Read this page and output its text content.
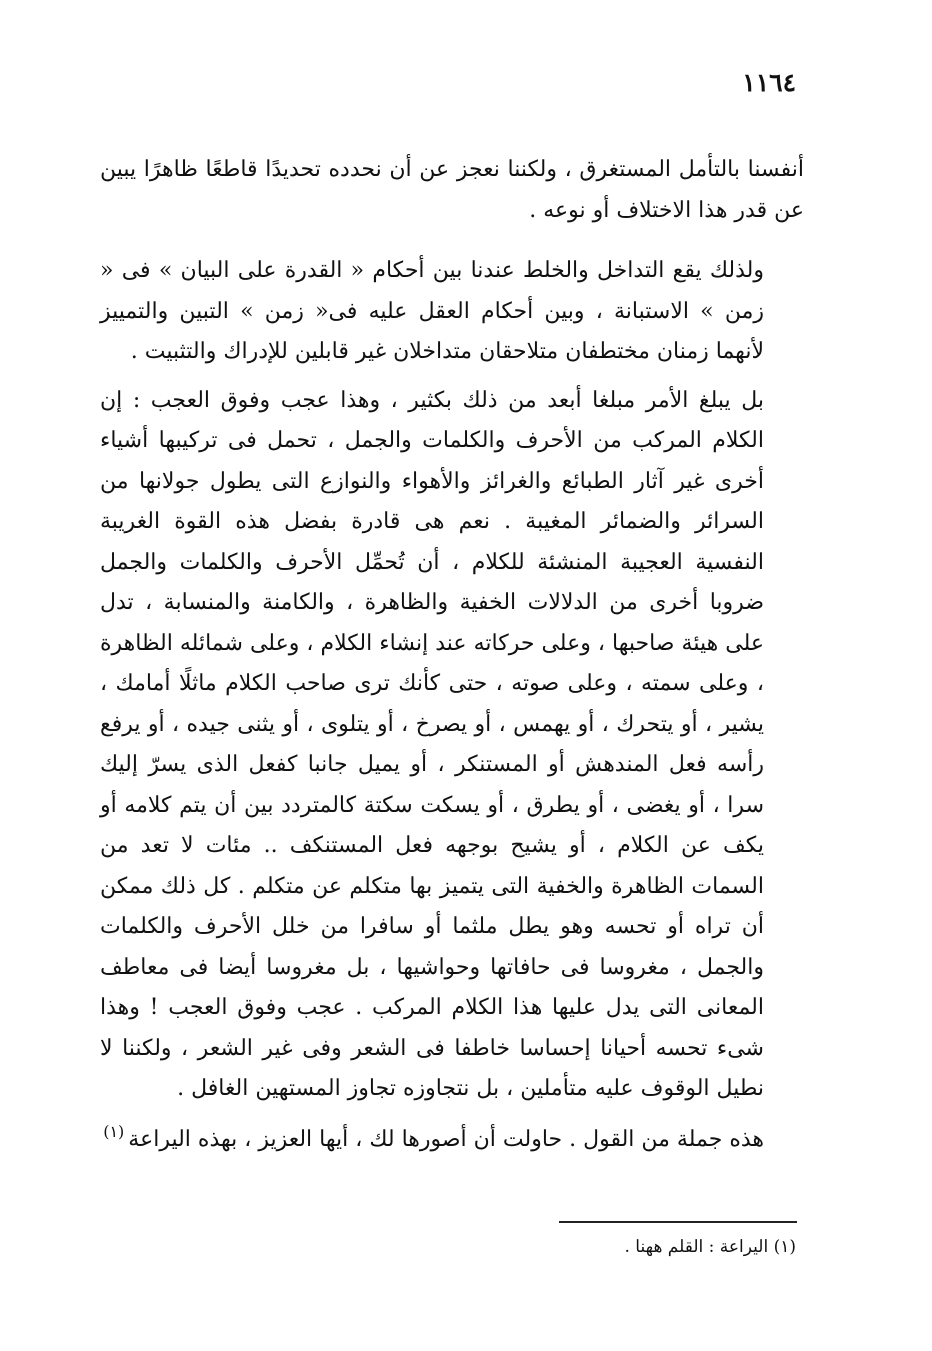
١١٦٤

أنفسنا بالتأمل المستغرق ، ولكننا نعجز عن أن نحدده تحديدًا قاطعًا ظاهرًا يبين عن قدر هذا الاختلاف أو نوعه .

ولذلك يقع التداخل والخلط عندنا بين أحكام « القدرة على البيان » فى « زمن » الاستبانة ، وبين أحكام العقل عليه فى« زمن » التبين والتمييز لأنهما زمنان مختطفان متلاحقان متداخلان غير قابلين للإدراك والتثبيت .

بل يبلغ الأمر مبلغا أبعد من ذلك بكثير ، وهذا عجب وفوق العجب : إن الكلام المركب من الأحرف والكلمات والجمل ، تحمل فى تركيبها أشياء أخرى غير آثار الطبائع والغرائز والأهواء والنوازع التى يطول جولانها من السرائر والضمائر المغيبة . نعم هى قادرة بفضل هذه القوة الغريبة النفسية العجيبة المنشئة للكلام ، أن تُحمِّل الأحرف والكلمات والجمل ضروبا أخرى من الدلالات الخفية والظاهرة ، والكامنة والمنسابة ، تدل على هيئة صاحبها ، وعلى حركاته عند إنشاء الكلام ، وعلى شمائله الظاهرة ، وعلى سمته ، وعلى صوته ، حتى كأنك ترى صاحب الكلام ماثلًا أمامك ، يشير ، أو يتحرك ، أو يهمس ، أو يصرخ ، أو يتلوى ، أو يثنى جيده ، أو يرفع رأسه فعل المندهش أو المستنكر ، أو يميل جانبا كفعل الذى يسرّ إليك سرا ، أو يغضى ، أو يطرق ، أو يسكت سكتة كالمتردد بين أن يتم كلامه أو يكف عن الكلام ، أو يشيح بوجهه فعل المستنكف .. مئات لا تعد من السمات الظاهرة والخفية التى يتميز بها متكلم عن متكلم . كل ذلك ممكن أن تراه أو تحسه وهو يطل ملثما أو سافرا من خلل الأحرف والكلمات والجمل ، مغروسا فى حافاتها وحواشيها ، بل مغروسا أيضا فى معاطف المعانى التى يدل عليها هذا الكلام المركب . عجب وفوق العجب ! وهذا شىء تحسه أحيانا إحساسا خاطفا فى الشعر وفى غير الشعر ، ولكننا لا نطيل الوقوف عليه متأملين ، بل نتجاوزه تجاوز المستهين الغافل .

هذه جملة من القول . حاولت أن أصورها لك ، أيها العزيز ، بهذه اليراعة$^{(١)}$

(١) اليراعة : القلم ههنا .
